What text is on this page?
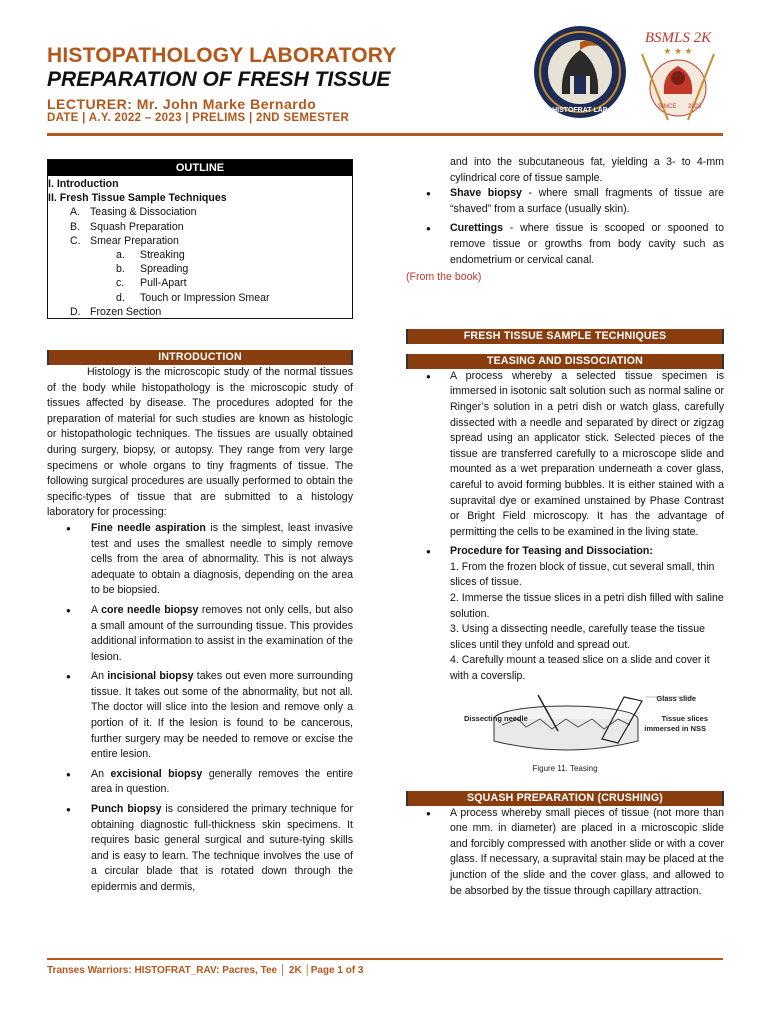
HISTOPATHOLOGY LABORATORY
PREPARATION OF FRESH TISSUE
LECTURER: Mr. John Marke Bernardo
DATE | A.Y. 2022 – 2023 | PRELIMS | 2ND SEMESTER
HISTOFRAT LAB
BSMLS 2K
★ ★ ★
SINCE 2023
OUTLINE
I. Introduction
II. Fresh Tissue Sample Techniques
A. Teasing & Dissociation
B. Squash Preparation
C. Smear Preparation
a. Streaking
b. Spreading
c. Pull-Apart
d. Touch or Impression Smear
D. Frozen Section
INTRODUCTION

Histology is the microscopic study of the normal tissues of the body while histopathology is the microscopic study of tissues affected by disease. The procedures adopted for the preparation of material for such studies are known as histologic or histopathologic techniques. The tissues are usually obtained during surgery, biopsy, or autopsy. They range from very large specimens or whole organs to tiny fragments of tissue. The following surgical procedures are usually performed to obtain the specific-types of tissue that are submitted to a histology laboratory for processing:

● Fine needle aspiration is the simplest, least invasive test and uses the smallest needle to simply remove cells from the area of abnormality. This is not always adequate to obtain a diagnosis, depending on the area to be biopsied.
● A core needle biopsy removes not only cells, but also a small amount of the surrounding tissue. This provides additional information to assist in the examination of the lesion.
● An incisional biopsy takes out even more surrounding tissue. It takes out some of the abnormality, but not all. The doctor will slice into the lesion and remove only a portion of it. If the lesion is found to be cancerous, further surgery may be needed to remove or excise the entire lesion.
● An excisional biopsy generally removes the entire area in question.
● Punch biopsy is considered the primary technique for obtaining diagnostic full-thickness skin specimens. It requires basic general surgical and suture-tying skills and is easy to learn. The technique involves the use of a circular blade that is rotated down through the epidermis and dermis,

and into the subcutaneous fat, yielding a 3- to 4-mm cylindrical core of tissue sample.

● Shave biopsy - where small fragments of tissue are “shaved” from a surface (usually skin).
● Curettings - where tissue is scooped or spooned to remove tissue or growths from body cavity such as endometrium or cervical canal.
(From the book)
FRESH TISSUE SAMPLE TECHNIQUES
TEASING AND DISSOCIATION
● A process whereby a selected tissue specimen is immersed in isotonic salt solution such as normal saline or Ringer’s solution in a petri dish or watch glass, carefully dissected with a needle and separated by direct or zigzag spread using an applicator stick. Selected pieces of the tissue are transferred carefully to a microscope slide and mounted as a wet preparation underneath a cover glass, careful to avoid forming bubbles. It is either stained with a supravital dye or examined unstained by Phase Contrast or Bright Field microscopy. It has the advantage of permitting the cells to be examined in the living state.
● Procedure for Teasing and Dissociation:
1. From the frozen block of tissue, cut several small, thin slices of tissue.
2. Immerse the tissue slices in a petri dish filled with saline solution.
3. Using a dissecting needle, carefully tease the tissue slices until they unfold and spread out.
4. Carefully mount a teased slice on a slide and cover it with a coverslip.
Dissecting needle
Glass slide
Tissue slices
immersed in NSS
Figure 11. Teasing
SQUASH PREPARATION (CRUSHING)
● A process whereby small pieces of tissue (not more than one mm. in diameter) are placed in a microscopic slide and forcibly compressed with another slide or with a cover glass. If necessary, a supravital stain may be placed at the junction of the slide and the cover glass, and allowed to be absorbed by the tissue through capillary attraction.
Transes Warriors: HISTOFRAT_RAV: Pacres, Tee │ 2K │Page 1 of 3
